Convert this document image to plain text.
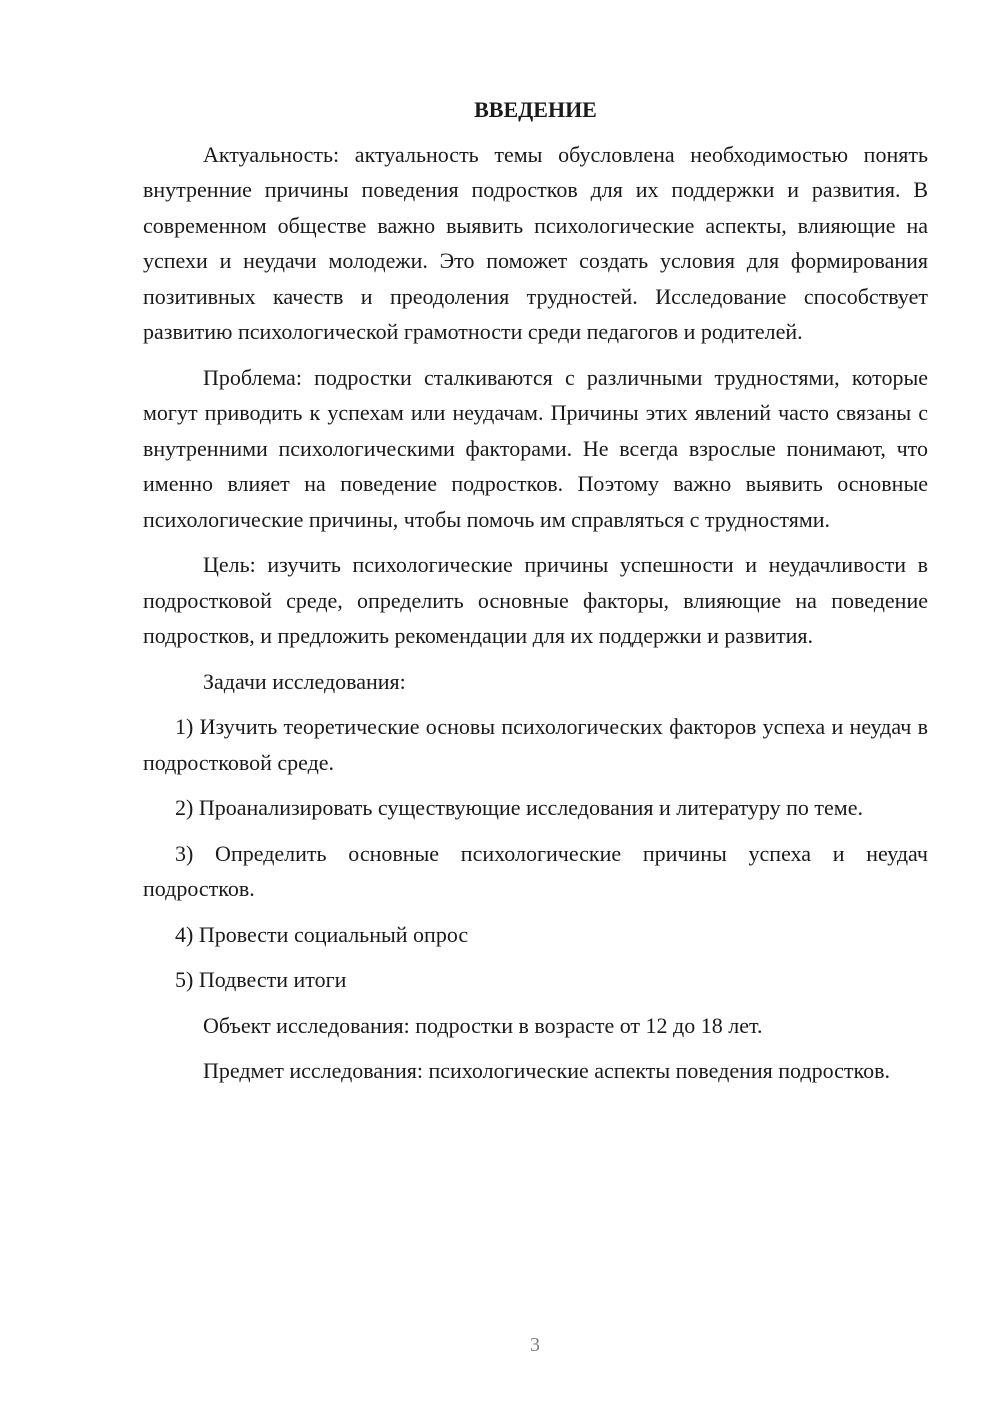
ВВЕДЕНИЕ

Актуальность: актуальность темы обусловлена необходимостью понять внутренние причины поведения подростков для их поддержки и развития. В современном обществе важно выявить психологические аспекты, влияющие на успехи и неудачи молодежи. Это поможет создать условия для формирования позитивных качеств и преодоления трудностей. Исследование способствует развитию психологической грамотности среди педагогов и родителей.

Проблема: подростки сталкиваются с различными трудностями, которые могут приводить к успехам или неудачам. Причины этих явлений часто связаны с внутренними психологическими факторами. Не всегда взрослые понимают, что именно влияет на поведение подростков. Поэтому важно выявить основные психологические причины, чтобы помочь им справляться с трудностями.

Цель: изучить психологические причины успешности и неудачливости в подростковой среде, определить основные факторы, влияющие на поведение подростков, и предложить рекомендации для их поддержки и развития.

Задачи исследования:

1) Изучить теоретические основы психологических факторов успеха и неудач в подростковой среде.

2) Проанализировать существующие исследования и литературу по теме.

3) Определить основные психологические причины успеха и неудач подростков.

4) Провести социальный опрос

5) Подвести итоги

Объект исследования: подростки в возрасте от 12 до 18 лет.

Предмет исследования: психологические аспекты поведения подростков.

3
